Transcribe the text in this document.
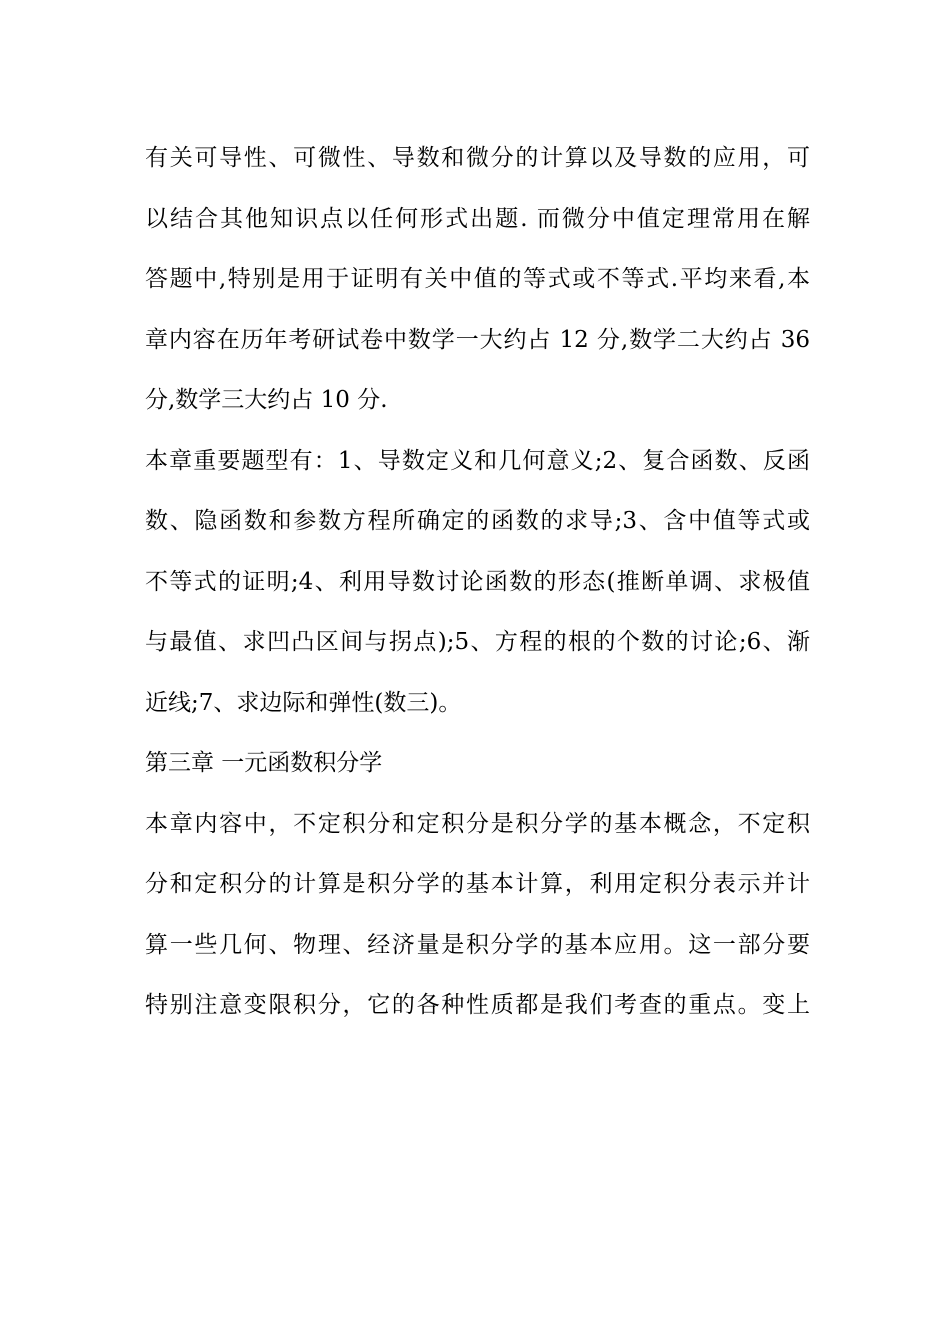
有关可导性、可微性、导数和微分的计算以及导数的应用，可
以结合其他知识点以任何形式出题. 而微分中值定理常用在解
答题中,特别是用于证明有关中值的等式或不等式.平均来看,本
章内容在历年考研试卷中数学一大约占 12 分,数学二大约占 36
分,数学三大约占 10 分.
本章重要题型有：1、导数定义和几何意义;2、复合函数、反函
数、隐函数和参数方程所确定的函数的求导;3、含中值等式或
不等式的证明;4、利用导数讨论函数的形态(推断单调、求极值
与最值、求凹凸区间与拐点);5、方程的根的个数的讨论;6、渐
近线;7、求边际和弹性(数三)。
第三章 一元函数积分学
本章内容中，不定积分和定积分是积分学的基本概念，不定积
分和定积分的计算是积分学的基本计算，利用定积分表示并计
算一些几何、物理、经济量是积分学的基本应用。这一部分要
特别注意变限积分，它的各种性质都是我们考查的重点。变上
